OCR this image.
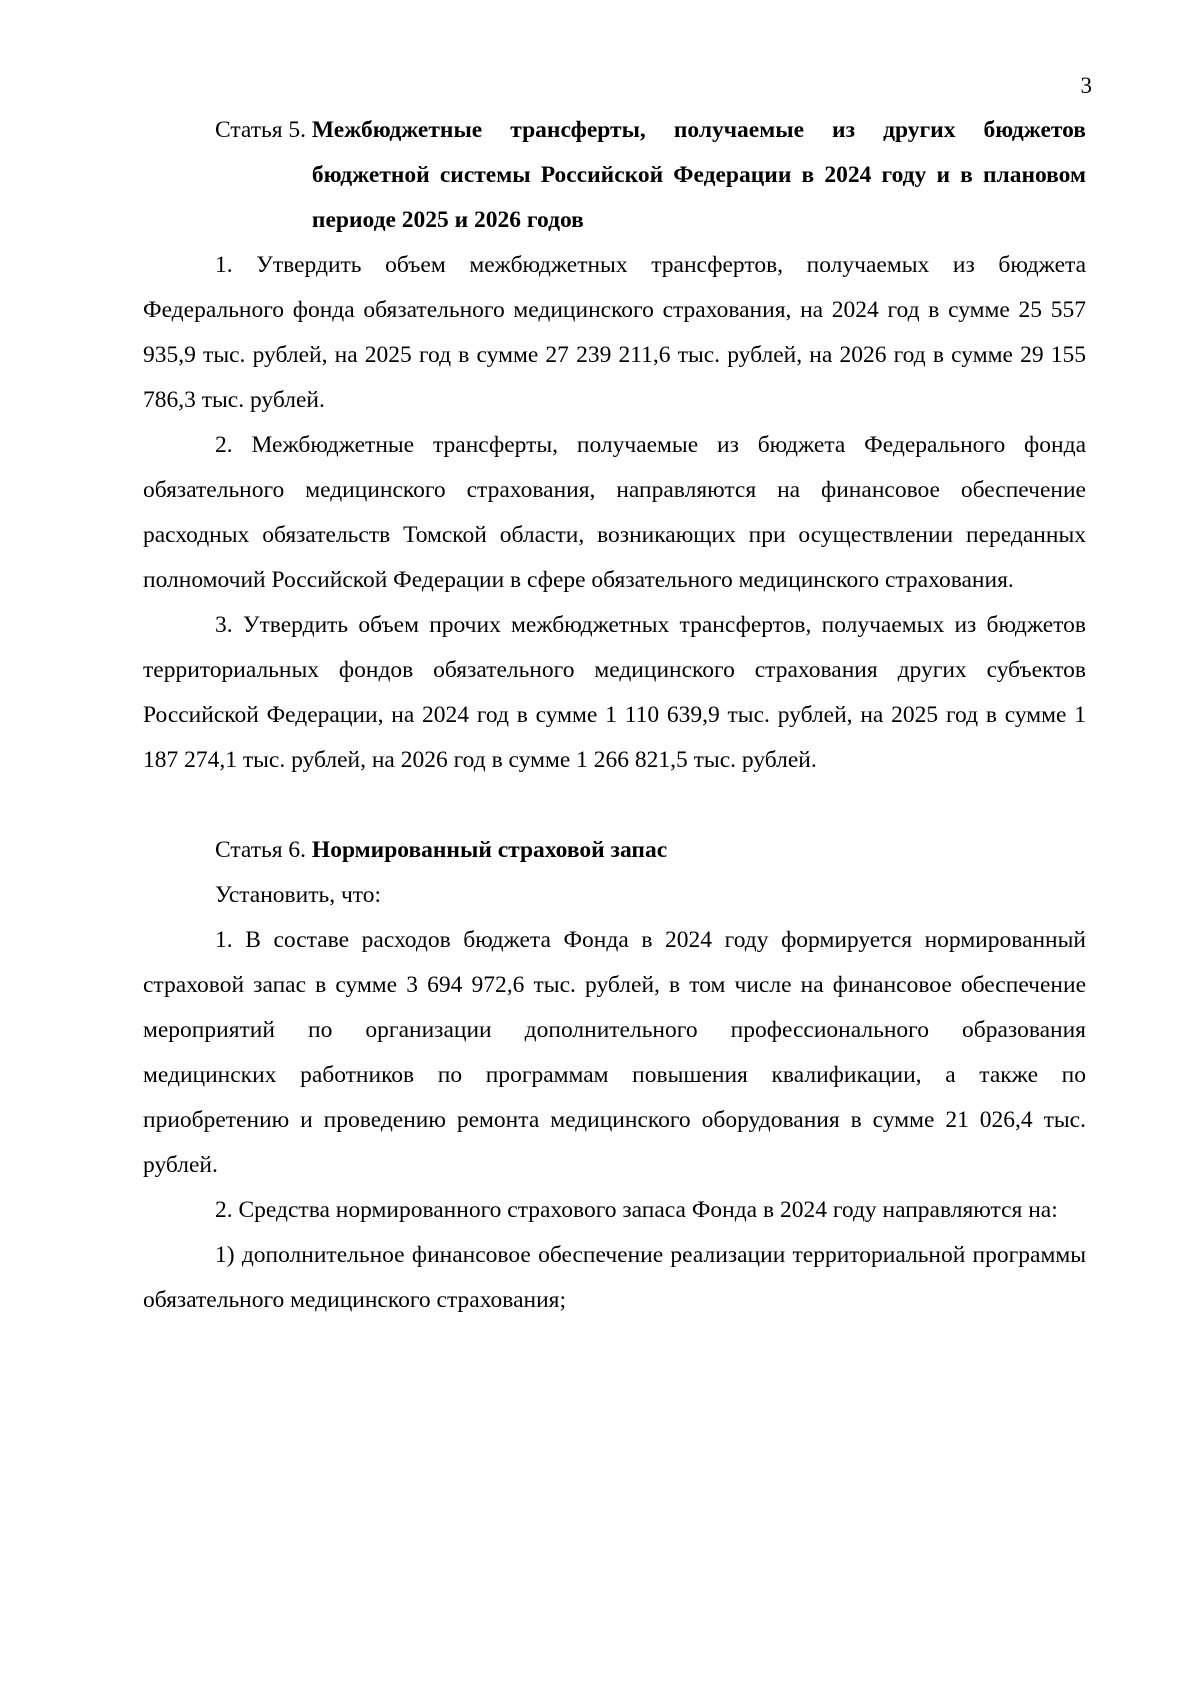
3
Статья 5. Межбюджетные трансферты, получаемые из других бюджетов бюджетной системы Российской Федерации в 2024 году и в плановом периоде 2025 и 2026 годов

1. Утвердить объем межбюджетных трансфертов, получаемых из бюджета Федерального фонда обязательного медицинского страхования, на 2024 год в сумме 25 557 935,9 тыс. рублей, на 2025 год в сумме 27 239 211,6 тыс. рублей, на 2026 год в сумме 29 155 786,3 тыс. рублей.

2. Межбюджетные трансферты, получаемые из бюджета Федерального фонда обязательного медицинского страхования, направляются на финансовое обеспечение расходных обязательств Томской области, возникающих при осуществлении переданных полномочий Российской Федерации в сфере обязательного медицинского страхования.

3. Утвердить объем прочих межбюджетных трансфертов, получаемых из бюджетов территориальных фондов обязательного медицинского страхования других субъектов Российской Федерации, на 2024 год в сумме 1 110 639,9 тыс. рублей, на 2025 год в сумме 1 187 274,1 тыс. рублей, на 2026 год в сумме 1 266 821,5 тыс. рублей.

Статья 6. Нормированный страховой запас
Установить, что:

1. В составе расходов бюджета Фонда в 2024 году формируется нормированный страховой запас в сумме 3 694 972,6 тыс. рублей, в том числе на финансовое обеспечение мероприятий по организации дополнительного профессионального образования медицинских работников по программам повышения квалификации, а также по приобретению и проведению ремонта медицинского оборудования в сумме 21 026,4 тыс. рублей.

2. Средства нормированного страхового запаса Фонда в 2024 году направляются на:

1) дополнительное финансовое обеспечение реализации территориальной программы обязательного медицинского страхования;
